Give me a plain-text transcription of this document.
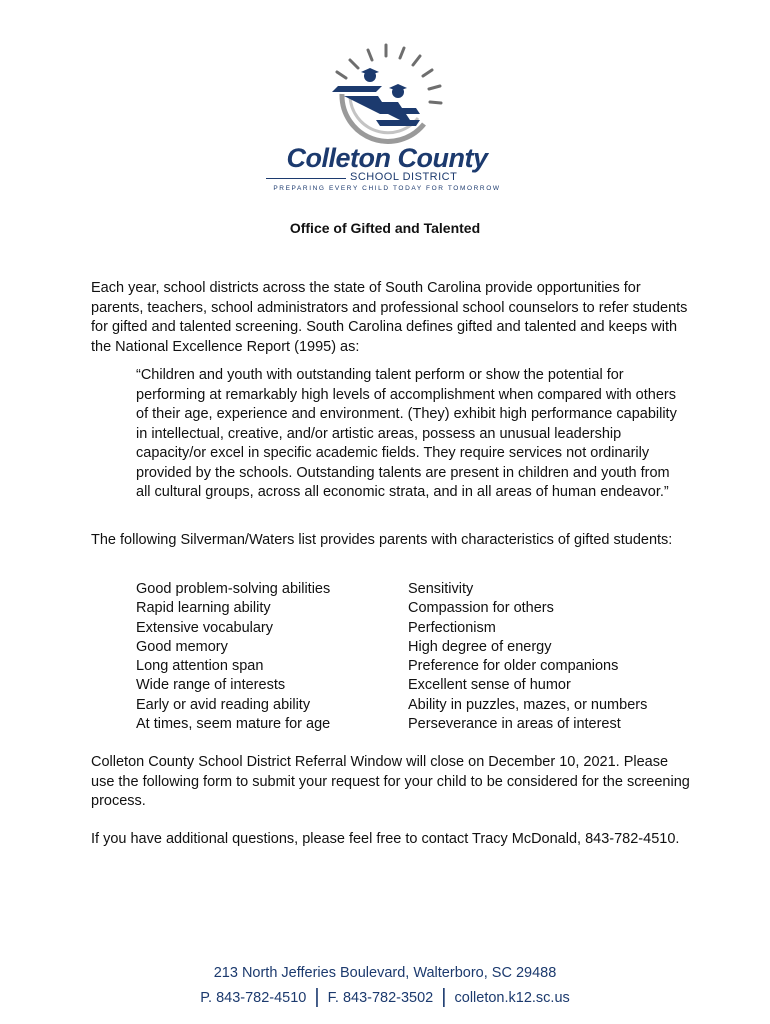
Colleton County
SCHOOL DISTRICT
PREPARING EVERY CHILD TODAY FOR TOMORROW
Office of Gifted and Talented

Each year, school districts across the state of South Carolina provide opportunities for parents, teachers, school administrators and professional school counselors to refer students for gifted and talented screening. South Carolina defines gifted and talented and keeps with the National Excellence Report (1995) as:

“Children and youth with outstanding talent perform or show the potential for performing at remarkably high levels of accomplishment when compared with others of their age, experience and environment. (They) exhibit high performance capability in intellectual, creative, and/or artistic areas, possess an unusual leadership capacity/or excel in specific academic fields. They require services not ordinarily provided by the schools. Outstanding talents are present in children and youth from all cultural groups, across all economic strata, and in all areas of human endeavor.”

The following Silverman/Waters list provides parents with characteristics of gifted students:

Good problem-solving abilities
Rapid learning ability
Extensive vocabulary
Good memory
Long attention span
Wide range of interests
Early or avid reading ability
At times, seem mature for age
Sensitivity
Compassion for others
Perfectionism
High degree of energy
Preference for older companions
Excellent sense of humor
Ability in puzzles, mazes, or numbers
Perseverance in areas of interest

Colleton County School District Referral Window will close on December 10, 2021. Please use the following form to submit your request for your child to be considered for the screening process.

If you have additional questions, please feel free to contact Tracy McDonald, 843-782-4510.

213 North Jefferies Boulevard, Walterboro, SC 29488
P. 843-782-4510 | F. 843-782-3502 | colleton.k12.sc.us
